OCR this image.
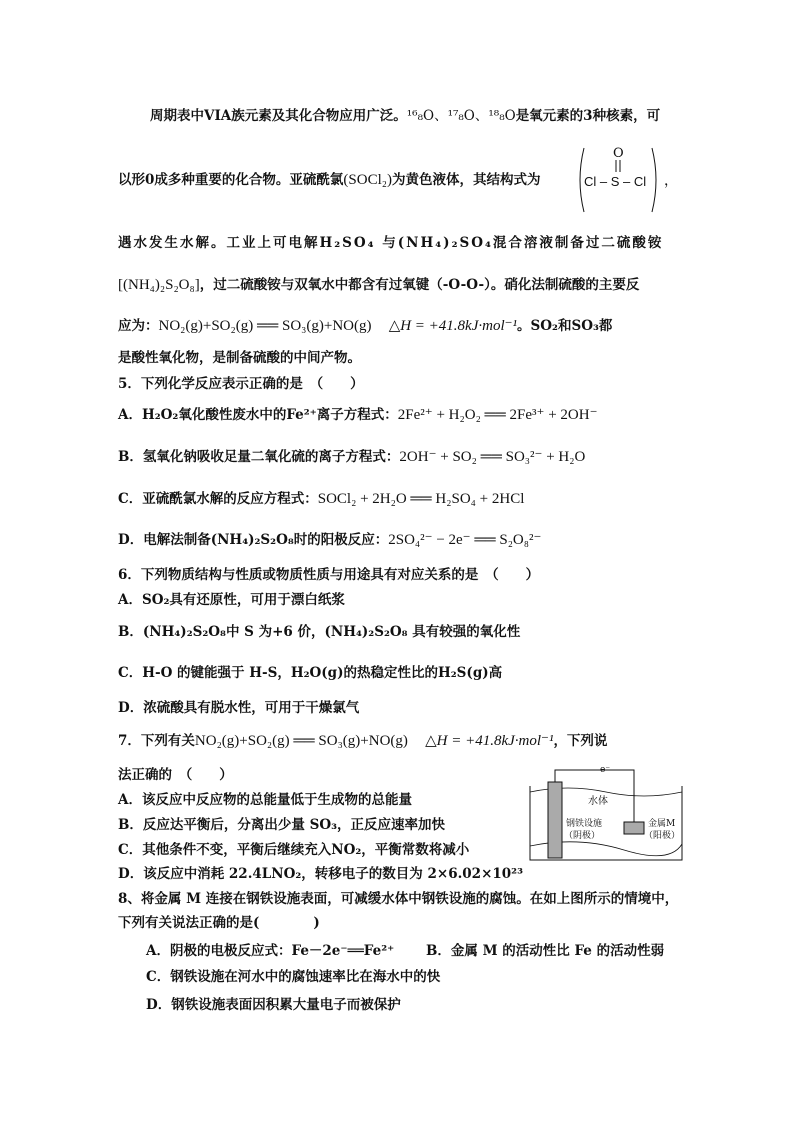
周期表中VIA族元素及其化合物应用广泛。¹⁶₈O、¹⁷₈O、¹⁸₈O是氧元素的3种核素，可
以形0成多种重要的化合物。亚硫酰氯(SOCl₂)为黄色液体，其结构式为
O
Cl – S – Cl ，
遇水发生水解。工业上可电解H₂SO₄ 与(NH₄)₂SO₄混合溶液制备过二硫酸铵
[(NH₄)₂S₂O₈]，过二硫酸铵与双氧水中都含有过氧键（-O-O-）。硝化法制硫酸的主要反
应为：NO₂(g)+SO₂(g) ══ SO₃(g)+NO(g) △H = +41.8kJ·mol⁻¹。SO₂和SO₃都
是酸性氧化物，是制备硫酸的中间产物。
5．下列化学反应表示正确的是　（　　）
A．H₂O₂氧化酸性废水中的Fe²⁺离子方程式：2Fe²⁺ + H₂O₂ ══ 2Fe³⁺ + 2OH⁻
B．氢氧化钠吸收足量二氧化硫的离子方程式：2OH⁻ + SO₂ ══ SO₃²⁻ + H₂O
C．亚硫酰氯水解的反应方程式：SOCl₂ + 2H₂O ══ H₂SO₄ + 2HCl
D．电解法制备(NH₄)₂S₂O₈时的阳极反应：2SO₄²⁻ − 2e⁻ ══ S₂O₈²⁻
6．下列物质结构与性质或物质性质与用途具有对应关系的是　（　　）
A．SO₂具有还原性，可用于漂白纸浆
B．(NH₄)₂S₂O₈中 S 为+6 价，(NH₄)₂S₂O₈ 具有较强的氧化性
C．H-O 的键能强于 H-S，H₂O(g)的热稳定性比的H₂S(g)高
D．浓硫酸具有脱水性，可用于干燥氯气
7．下列有关NO₂(g)+SO₂(g) ══ SO₃(g)+NO(g) △H = +41.8kJ·mol⁻¹，下列说
法正确的　（　　）
A．该反应中反应物的总能量低于生成物的总能量
B．反应达平衡后，分离出少量 SO₃，正反应速率加快
C．其他条件不变，平衡后继续充入NO₂，平衡常数将减小
D．该反应中消耗 22.4LNO₂，转移电子的数目为 2×6.02×10²³
e⁻
水体
钢铁设施
（阴极）
金属M
（阳极）
8、将金属 M 连接在钢铁设施表面，可减缓水体中钢铁设施的腐蚀。在如上图所示的情境中，
下列有关说法正确的是(　　　　)
A．阴极的电极反应式：Fe－2e⁻══Fe²⁺ B．金属 M 的活动性比 Fe 的活动性弱
C．钢铁设施在河水中的腐蚀速率比在海水中的快
D．钢铁设施表面因积累大量电子而被保护
